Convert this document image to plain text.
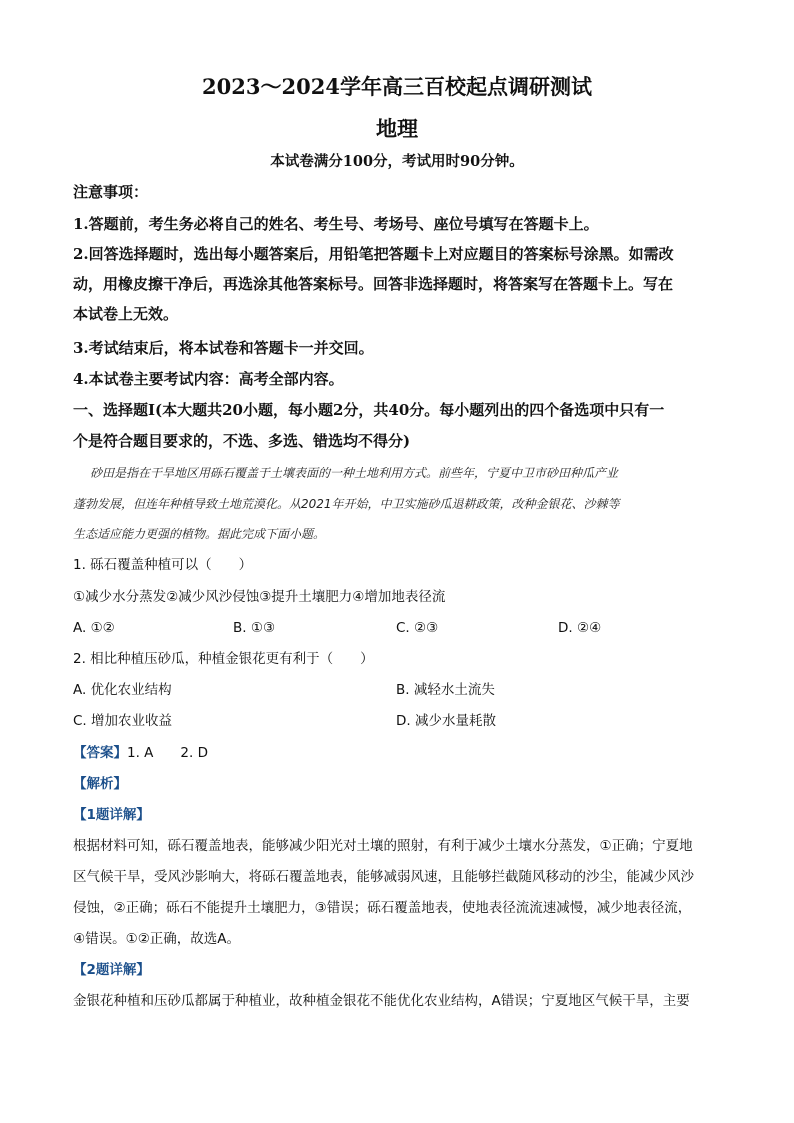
2023～2024学年高三百校起点调研测试
地理
本试卷满分100分，考试用时90分钟。
注意事项：
1.答题前，考生务必将自己的姓名、考生号、考场号、座位号填写在答题卡上。
2.回答选择题时，选出每小题答案后，用铅笔把答题卡上对应题目的答案标号涂黑。如需改
动，用橡皮擦干净后，再选涂其他答案标号。回答非选择题时，将答案写在答题卡上。写在
本试卷上无效。
3.考试结束后，将本试卷和答题卡一并交回。
4.本试卷主要考试内容：高考全部内容。
一、选择题Ⅰ(本大题共20小题，每小题2分，共40分。每小题列出的四个备选项中只有一
个是符合题目要求的，不选、多选、错选均不得分)
砂田是指在干旱地区用砾石覆盖于土壤表面的一种土地利用方式。前些年，宁夏中卫市砂田种瓜产业
蓬勃发展，但连年种植导致土地荒漠化。从2021年开始，中卫实施砂瓜退耕政策，改种金银花、沙棘等
生态适应能力更强的植物。据此完成下面小题。
1. 砾石覆盖种植可以（　　）
①减少水分蒸发②减少风沙侵蚀③提升土壤肥力④增加地表径流
A. ①②	B. ①③	C. ②③	D. ②④
2. 相比种植压砂瓜，种植金银花更有利于（　　）
A. 优化农业结构	B. 减轻水土流失
C. 增加农业收益	D. 减少水量耗散
【答案】1. A　　2. D
【解析】
【1题详解】
根据材料可知，砾石覆盖地表，能够减少阳光对土壤的照射，有利于减少土壤水分蒸发，①正确；宁夏地
区气候干旱，受风沙影响大，将砾石覆盖地表，能够减弱风速，且能够拦截随风移动的沙尘，能减少风沙
侵蚀，②正确；砾石不能提升土壤肥力，③错误；砾石覆盖地表，使地表径流流速减慢，减少地表径流，
④错误。①②正确，故选A。
【2题详解】
金银花种植和压砂瓜都属于种植业，故种植金银花不能优化农业结构，A错误；宁夏地区气候干旱，主要
